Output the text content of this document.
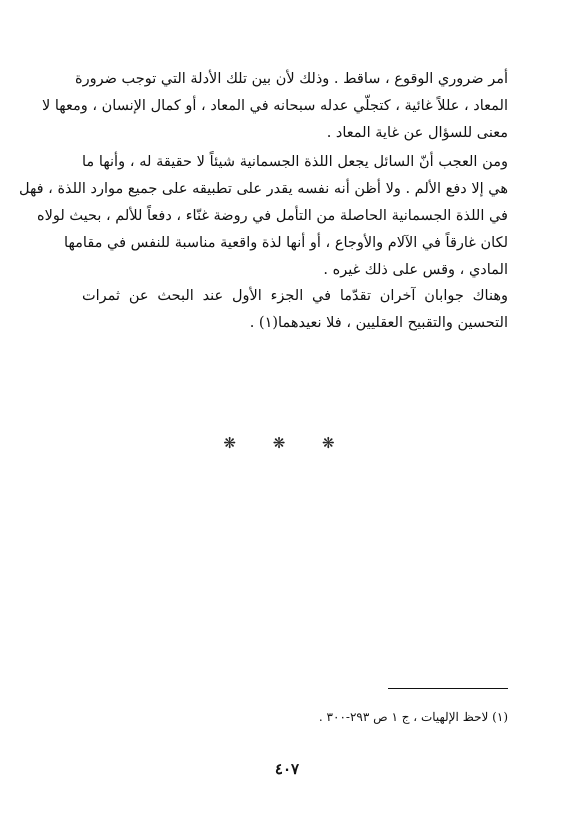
أمر ضروري الوقوع ، ساقط . وذلك لأن بين تلك الأدلة التي توجب ضرورة
المعاد ، عللاً غائية ، كتجلّي عدله سبحانه في المعاد ، أو كمال الإنسان ، ومعها لا
معنى للسؤال عن غاية المعاد .
ومن العجب أنّ السائل يجعل اللذة الجسمانية شيئاً لا حقيقة له ، وأنها ما
هي إلا دفع الألم . ولا أظن أنه نفسه يقدر على تطبيقه على جميع موارد اللذة ، فهل
في اللذة الجسمانية الحاصلة من التأمل في روضة غنّاء ، دفعاً للألم ، بحيث لولاه
لكان غارقاً في الآلام والأوجاع ، أو أنها لذة واقعية مناسبة للنفس في مقامها
المادي ، وقس على ذلك غيره .
وهناك جوابان آخران تقدّما في الجزء الأول عند البحث عن ثمرات
التحسين والتقبيح العقليين ، فلا نعيدهما(١) .
❋ ❋ ❋
(١) لاحظ الإلهيات ، ج ١ ص ٢٩٣-٣٠٠ .
٤٠٧
